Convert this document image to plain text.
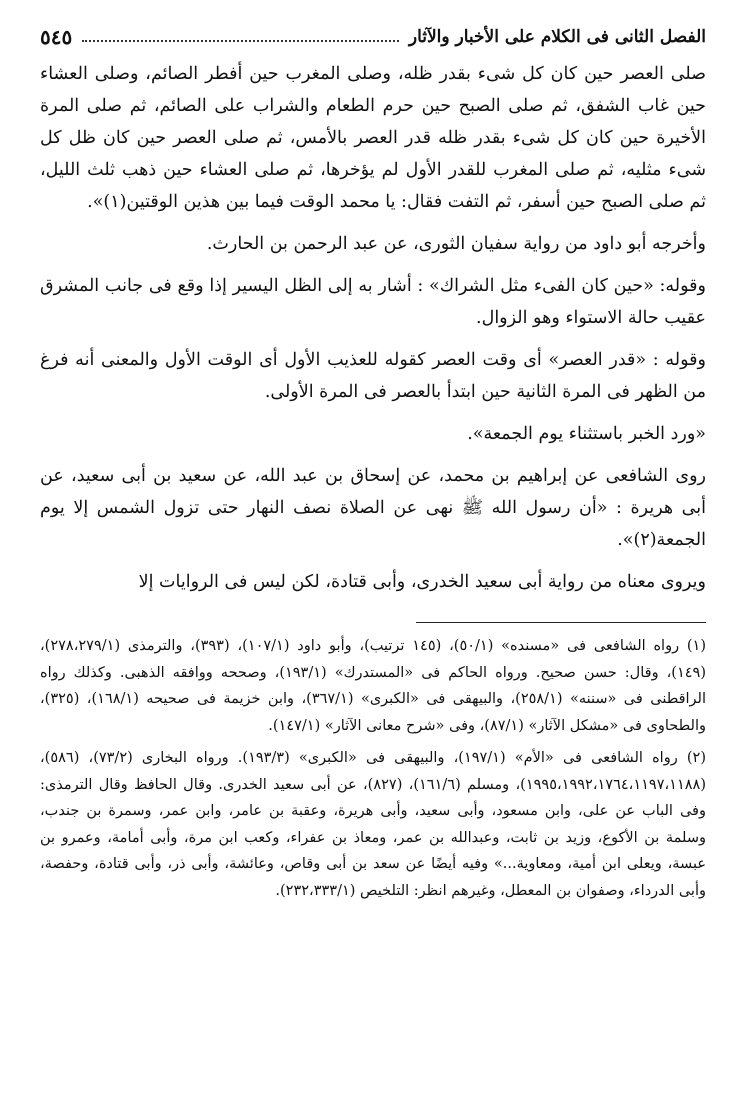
الفصل الثانى فى الكلام على الأخبار والآثار
٥٤٥

صلى العصر حين كان كل شىء بقدر ظله، وصلى المغرب حين أفطر الصائم، وصلى العشاء حين غاب الشفق، ثم صلى الصبح حين حرم الطعام والشراب على الصائم، ثم صلى المرة الأخيرة حين كان كل شىء بقدر ظله قدر العصر بالأمس، ثم صلى العصر حين كان ظل كل شىء مثليه، ثم صلى المغرب للقدر الأول لم يؤخرها، ثم صلى العشاء حين ذهب ثلث الليل، ثم صلى الصبح حين أسفر، ثم التفت فقال: يا محمد الوقت فيما بين هذين الوقتين(١)».

وأخرجه أبو داود من رواية سفيان الثورى، عن عبد الرحمن بن الحارث.

وقوله: «حين كان الفىء مثل الشراك» : أشار به إلى الظل اليسير إذا وقع فى جانب المشرق عقيب حالة الاستواء وهو الزوال.

وقوله : «قدر العصر» أى وقت العصر كقوله للعذيب الأول أى الوقت الأول والمعنى أنه فرغ من الظهر فى المرة الثانية حين ابتدأ بالعصر فى المرة الأولى.

«ورد الخبر باستثناء يوم الجمعة».

روى الشافعى عن إبراهيم بن محمد، عن إسحاق بن عبد الله، عن سعيد بن أبى سعيد، عن أبى هريرة : «أن رسول الله ﷺ نهى عن الصلاة نصف النهار حتى تزول الشمس إلا يوم الجمعة(٢)».

ويروى معناه من رواية أبى سعيد الخدرى، وأبى قتادة، لكن ليس فى الروايات إلا

(١) رواه الشافعى فى «مسنده» (٥٠/١)، (١٤٥ ترتيب)، وأبو داود (١٠٧/١)، (٣٩٣)، والترمذى (٢٧٨،٢٧٩/١)، (١٤٩)، وقال: حسن صحيح. ورواه الحاكم فى «المستدرك» (١٩٣/١)، وصححه ووافقه الذهبى. وكذلك رواه الراقطنى فى «سننه» (٢٥٨/١)، والبيهقى فى «الكبرى» (٣٦٧/١)، وابن خزيمة فى صحيحه (١٦٨/١)، (٣٢٥)، والطحاوى فى «مشكل الآثار» (٨٧/١)، وفى «شرح معانى الآثار» (١٤٧/١).

(٢) رواه الشافعى فى «الأم» (١٩٧/١)، والبيهقى فى «الكبرى» (١٩٣/٣). ورواه البخارى (٧٣/٢)، (٥٨٦)، (١٩٩٥،١٩٩٢،١٧٦٤،١١٩٧،١١٨٨)، ومسلم (١٦١/٦)، (٨٢٧)، عن أبى سعيد الخدرى. وقال الحافظ وقال الترمذى: وفى الباب عن على، وابن مسعود، وأبى سعيد، وأبى هريرة، وعقبة بن عامر، وابن عمر، وسمرة بن جندب، وسلمة بن الأكوع، وزيد بن ثابت، وعبدالله بن عمر، ومعاذ بن عفراء، وكعب ابن مرة، وأبى أمامة، وعمرو بن عبسة، ويعلى ابن أمية، ومعاوية...» وفيه أيضًا عن سعد بن أبى وقاص، وعائشة، وأبى ذر، وأبى قتادة، وحفصة، وأبى الدرداء، وصفوان بن المعطل، وغيرهم انظر: التلخيص (٢٣٢،٣٣٣/١).
